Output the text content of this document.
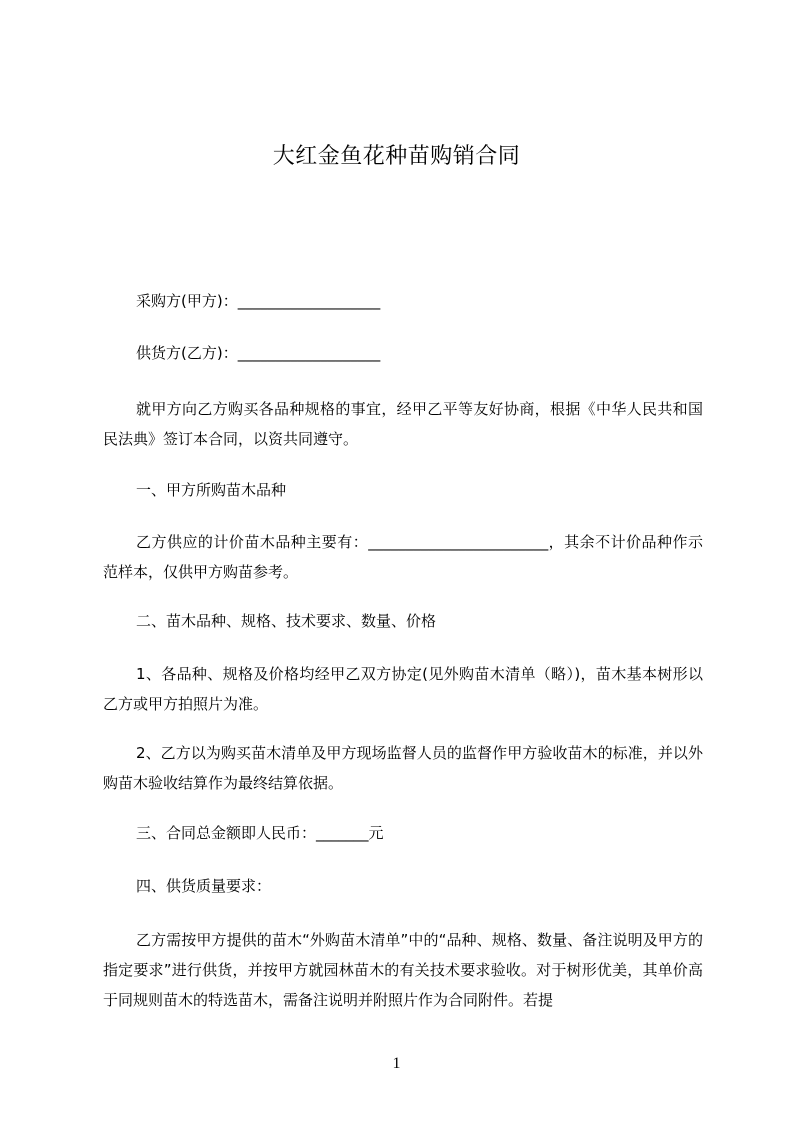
大红金鱼花种苗购销合同
采购方(甲方)：___________________
供货方(乙方)：___________________
就甲方向乙方购买各品种规格的事宜，经甲乙平等友好协商，根据《中华人民共和国民法典》签订本合同，以资共同遵守。
一、甲方所购苗木品种
乙方供应的计价苗木品种主要有：________________________，其余不计价品种作示范样本，仅供甲方购苗参考。
二、苗木品种、规格、技术要求、数量、价格
1、各品种、规格及价格均经甲乙双方协定(见外购苗木清单（略）)，苗木基本树形以乙方或甲方拍照片为准。
2、乙方以为购买苗木清单及甲方现场监督人员的监督作甲方验收苗木的标准，并以外购苗木验收结算作为最终结算依据。
三、合同总金额即人民币：_______元
四、供货质量要求：
乙方需按甲方提供的苗木“外购苗木清单”中的“品种、规格、数量、备注说明及甲方的指定要求”进行供货，并按甲方就园林苗木的有关技术要求验收。对于树形优美，其单价高于同规则苗木的特选苗木，需备注说明并附照片作为合同附件。若提
1
